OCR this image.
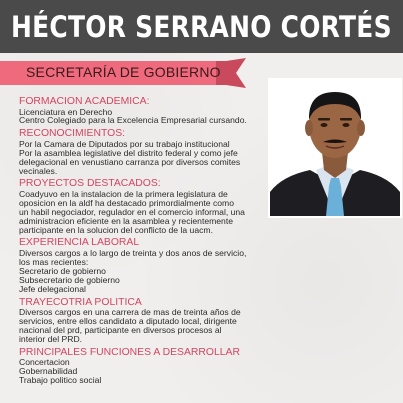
HÉCTOR SERRANO CORTÉS
SECRETARÍA DE GOBIERNO
FORMACION ACADEMICA:
Licenciatura en Derecho
Centro Colegiado para la Excelencia Empresarial cursando.
RECONOCIMIENTOS:
Por la Camara de Diputados por su trabajo institucional
Por la asamblea legislative del distrito federal y como jefe
delegacional en venustiano carranza por diversos comites
vecinales.
PROYECTOS DESTACADOS:
Coadyuvo en la instalacion de la primera legislatura de
oposicion en la aldf ha destacado primordialmente como
un habil negociador, regulador en el comercio informal, una
administracion eficiente en la asamblea y recientemente
participante en la solucion del conflicto de la uacm.
EXPERIENCIA LABORAL
Diversos cargos a lo largo de treinta y dos anos de servicio,
los mas recientes:
Secretario de gobierno
Subsecretario de gobierno
Jefe delegacional
TRAYECOTRIA POLITICA
Diversos cargos en una carrera de mas de treinta años de
servicios, entre ellos candidato a diputado local, dirigente
nacional del prd, participante en diversos procesos al
interior del PRD.
PRINCIPALES FUNCIONES A DESARROLLAR
Concertacion
Gobernabilidad
Trabajo politico social
